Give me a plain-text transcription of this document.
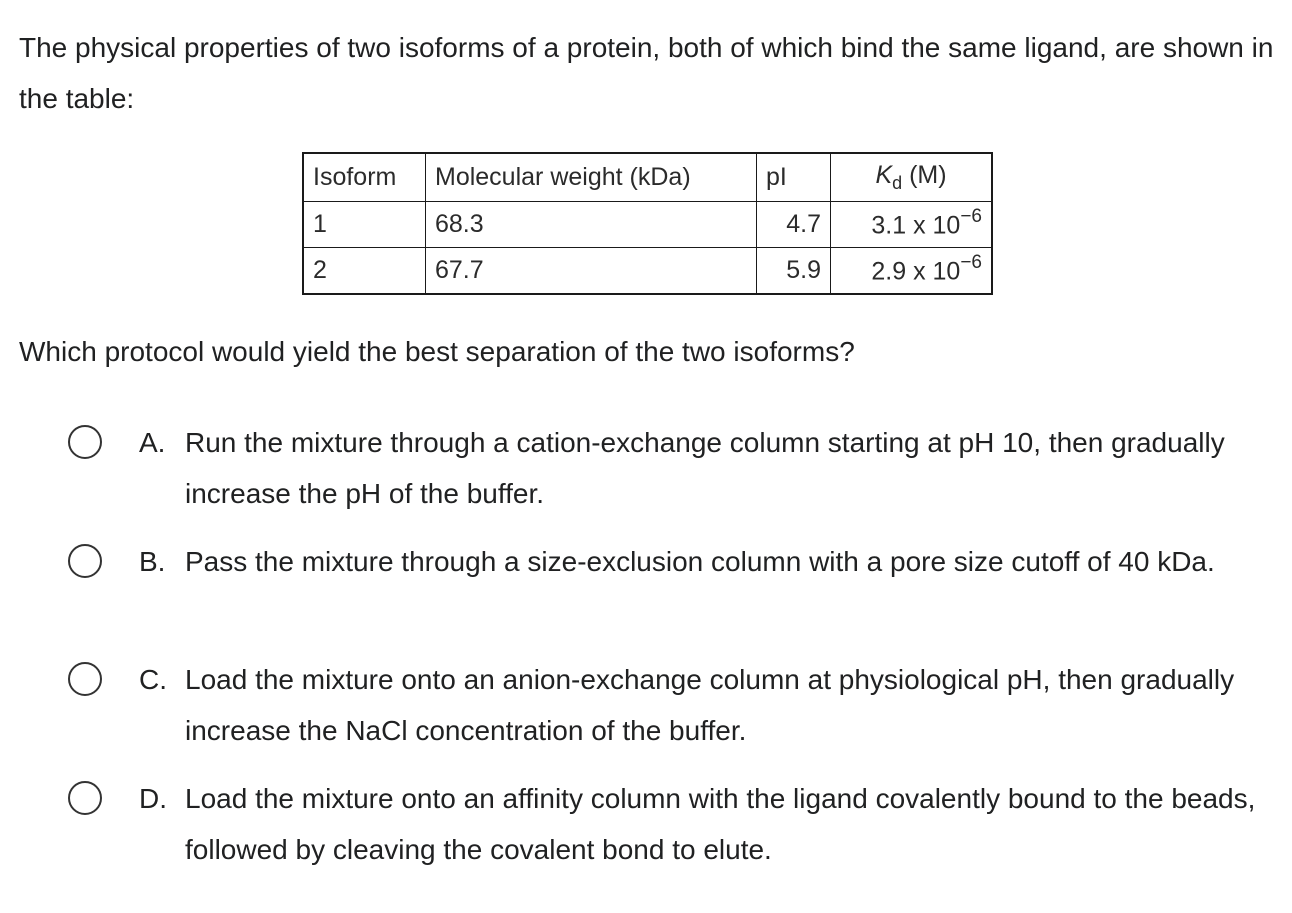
The physical properties of two isoforms of a protein, both of which bind the same ligand, are shown in the table:
Isoform	Molecular weight (kDa)	pI	$K_d$ (M)
1	68.3	4.7	3.1 x $10^{-6}$
2	67.7	5.9	2.9 x $10^{-6}$
Which protocol would yield the best separation of the two isoforms?
A. Run the mixture through a cation-exchange column starting at pH 10, then gradually increase the pH of the buffer.
B. Pass the mixture through a size-exclusion column with a pore size cutoff of 40 kDa.
C. Load the mixture onto an anion-exchange column at physiological pH, then gradually increase the NaCl concentration of the buffer.
D. Load the mixture onto an affinity column with the ligand covalently bound to the beads, followed by cleaving the covalent bond to elute.
